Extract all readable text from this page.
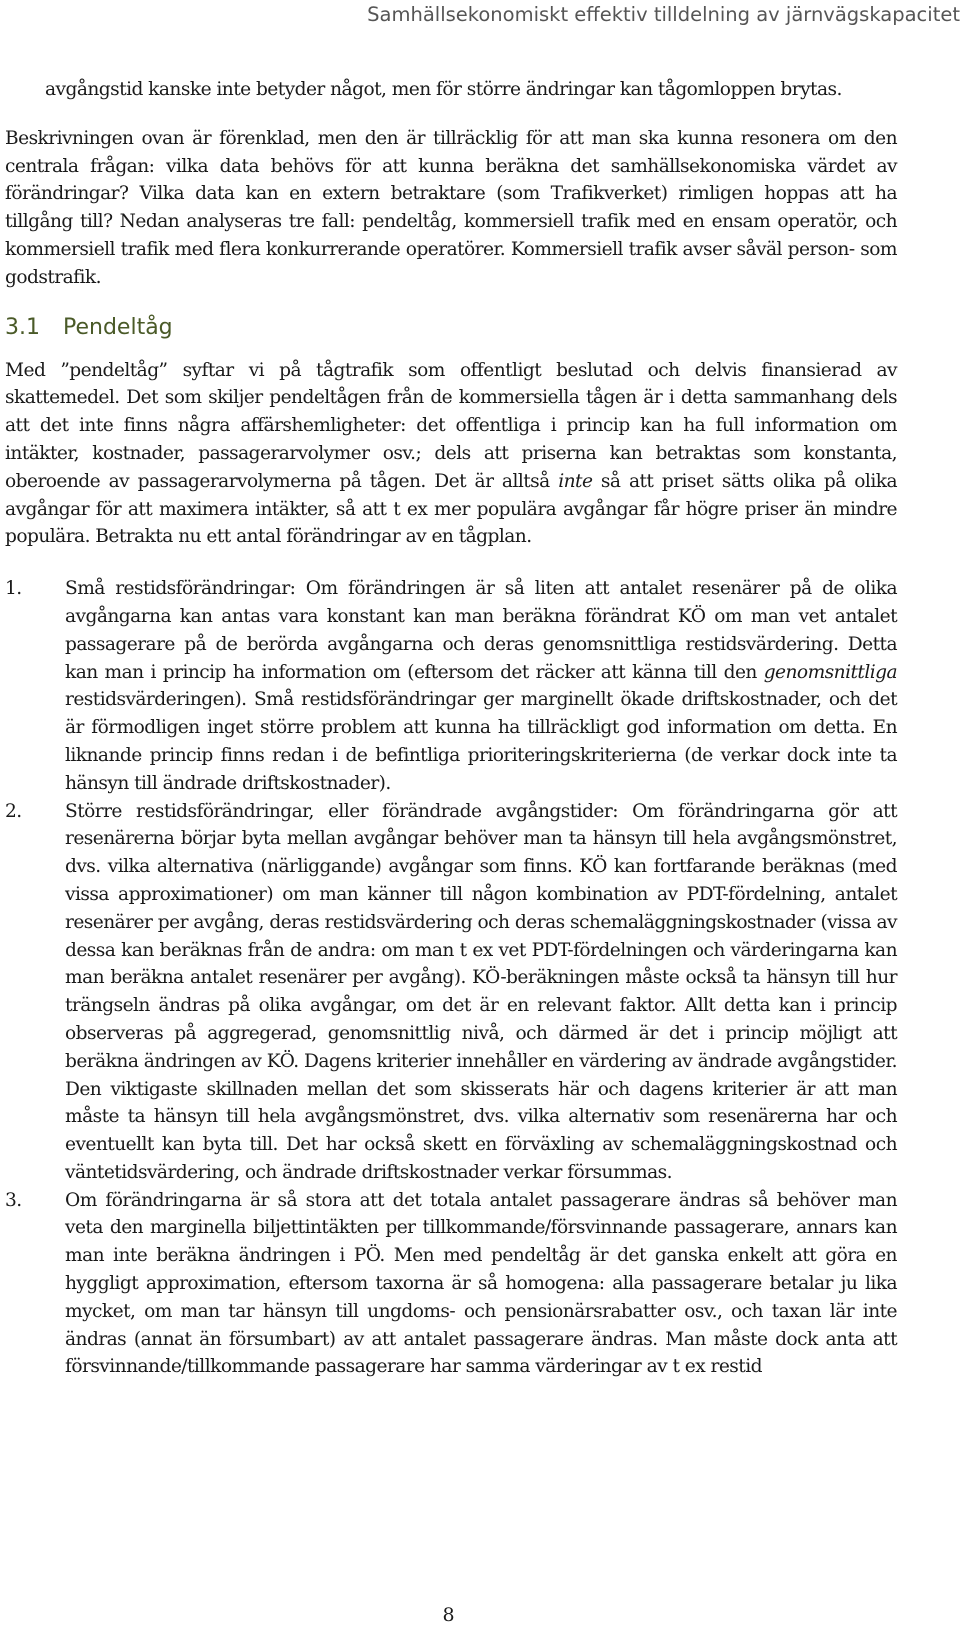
Samhällsekonomiskt effektiv tilldelning av järnvägskapacitet

avgångstid kanske inte betyder något, men för större ändringar kan tågomloppen brytas.

Beskrivningen ovan är förenklad, men den är tillräcklig för att man ska kunna resonera om den centrala frågan: vilka data behövs för att kunna beräkna det samhällsekonomiska värdet av förändringar? Vilka data kan en extern betraktare (som Trafikverket) rimligen hoppas att ha tillgång till? Nedan analyseras tre fall: pendeltåg, kommersiell trafik med en ensam operatör, och kommersiell trafik med flera konkurrerande operatörer. Kommersiell trafik avser såväl person- som godstrafik.

3.1 Pendeltåg

Med ”pendeltåg” syftar vi på tågtrafik som offentligt beslutad och delvis finansierad av skattemedel. Det som skiljer pendeltågen från de kommersiella tågen är i detta sammanhang dels att det inte finns några affärshemligheter: det offentliga i princip kan ha full information om intäkter, kostnader, passagerarvolymer osv.; dels att priserna kan betraktas som konstanta, oberoende av passagerarvolymerna på tågen. Det är alltså inte så att priset sätts olika på olika avgångar för att maximera intäkter, så att t ex mer populära avgångar får högre priser än mindre populära. Betrakta nu ett antal förändringar av en tågplan.

1. Små restidsförändringar: Om förändringen är så liten att antalet resenärer på de olika avgångarna kan antas vara konstant kan man beräkna förändrat KÖ om man vet antalet passagerare på de berörda avgångarna och deras genomsnittliga restidsvärdering. Detta kan man i princip ha information om (eftersom det räcker att känna till den genomsnittliga restidsvärderingen). Små restidsförändringar ger marginellt ökade driftskostnader, och det är förmodligen inget större problem att kunna ha tillräckligt god information om detta. En liknande princip finns redan i de befintliga prioriteringskriterierna (de verkar dock inte ta hänsyn till ändrade driftskostnader).
2. Större restidsförändringar, eller förändrade avgångstider: Om förändringarna gör att resenärerna börjar byta mellan avgångar behöver man ta hänsyn till hela avgångsmönstret, dvs. vilka alternativa (närliggande) avgångar som finns. KÖ kan fortfarande beräknas (med vissa approximationer) om man känner till någon kombination av PDT-fördelning, antalet resenärer per avgång, deras restidsvärdering och deras schemaläggningskostnader (vissa av dessa kan beräknas från de andra: om man t ex vet PDT-fördelningen och värderingarna kan man beräkna antalet resenärer per avgång). KÖ-beräkningen måste också ta hänsyn till hur trängseln ändras på olika avgångar, om det är en relevant faktor. Allt detta kan i princip observeras på aggregerad, genomsnittlig nivå, och därmed är det i princip möjligt att beräkna ändringen av KÖ. Dagens kriterier innehåller en värdering av ändrade avgångstider. Den viktigaste skillnaden mellan det som skisserats här och dagens kriterier är att man måste ta hänsyn till hela avgångsmönstret, dvs. vilka alternativ som resenärerna har och eventuellt kan byta till. Det har också skett en förväxling av schemaläggningskostnad och väntetidsvärdering, och ändrade driftskostnader verkar försummas.
3. Om förändringarna är så stora att det totala antalet passagerare ändras så behöver man veta den marginella biljettintäkten per tillkommande/försvinnande passagerare, annars kan man inte beräkna ändringen i PÖ. Men med pendeltåg är det ganska enkelt att göra en hyggligt approximation, eftersom taxorna är så homogena: alla passagerare betalar ju lika mycket, om man tar hänsyn till ungdoms- och pensionärsrabatter osv., och taxan lär inte ändras (annat än försumbart) av att antalet passagerare ändras. Man måste dock anta att försvinnande/tillkommande passagerare har samma värderingar av t ex restid
8
